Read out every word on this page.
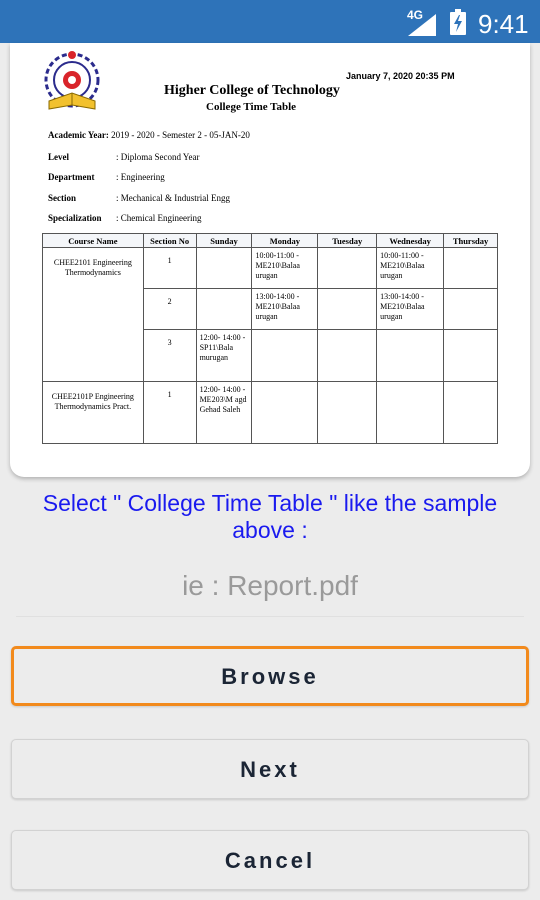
4G 9:41
January 7, 2020 20:35 PM
Higher College of Technology
College Time Table
Academic Year: 2019 - 2020 - Semester 2 - 05-JAN-20
Level	: Diploma Second Year
Department : Engineering
Section	: Mechanical & Industrial Engg
Specialization : Chemical Engineering
Course Name	Section No	Sunday	Monday	Tuesday	Wednesday	Thursday
CHEE2101 Engineering Thermodynamics	1		10:00-11:00 - ME210\Balaa urugan		10:00-11:00 - ME210\Balaa urugan	
	2		13:00-14:00 - ME210\Balaa urugan		13:00-14:00 - ME210\Balaa urugan	
	3	12:00- 14:00 - SP11\Bala murugan				
CHEE2101P Engineering Thermodynamics Pract.	1	12:00- 14:00 - ME203\M agd Gehad Saleh				
Select " College Time Table " like the sample above :
ie : Report.pdf
Browse
Next
Cancel
